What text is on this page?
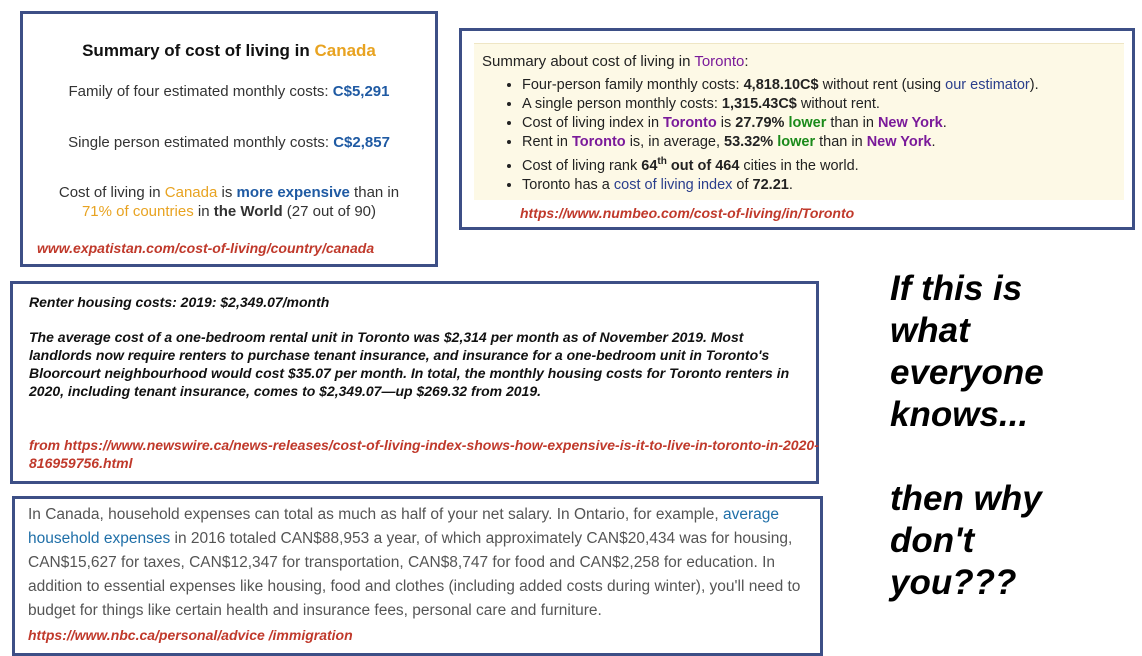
Summary of cost of living in Canada
Family of four estimated monthly costs: C$5,291
Single person estimated monthly costs: C$2,857
Cost of living in Canada is more expensive than in
71% of countries in the World (27 out of 90)
www.expatistan.com/cost-of-living/country/canada
Summary about cost of living in Toronto:
• Four-person family monthly costs: 4,818.10C$ without rent (using our estimator).
• A single person monthly costs: 1,315.43C$ without rent.
• Cost of living index in Toronto is 27.79% lower than in New York.
• Rent in Toronto is, in average, 53.32% lower than in New York.
• Cost of living rank 64th out of 464 cities in the world.
• Toronto has a cost of living index of 72.21.
https://www.numbeo.com/cost-of-living/in/Toronto
Renter housing costs: 2019: $2,349.07/month

The average cost of a one-bedroom rental unit in Toronto was $2,314 per month as of November 2019. Most landlords now require renters to purchase tenant insurance, and insurance for a one-bedroom unit in Toronto's Bloorcourt neighbourhood would cost $35.07 per month. In total, the monthly housing costs for Toronto renters in 2020, including tenant insurance, comes to $2,349.07—up $269.32 from 2019.

from https://www.newswire.ca/news-releases/cost-of-living-index-shows-how-expensive-is-it-to-live-in-toronto-in-2020-816959756.html

In Canada, household expenses can total as much as half of your net salary. In Ontario, for example, average household expenses in 2016 totaled CAN$88,953 a year, of which approximately CAN$20,434 was for housing, CAN$15,627 for taxes, CAN$12,347 for transportation, CAN$8,747 for food and CAN$2,258 for education. In addition to essential expenses like housing, food and clothes (including added costs during winter), you'll need to budget for things like certain health and insurance fees, personal care and furniture. https://www.nbc.ca/personal/advice /immigration

If this is
what
everyone
knows...
then why
don't
you???
